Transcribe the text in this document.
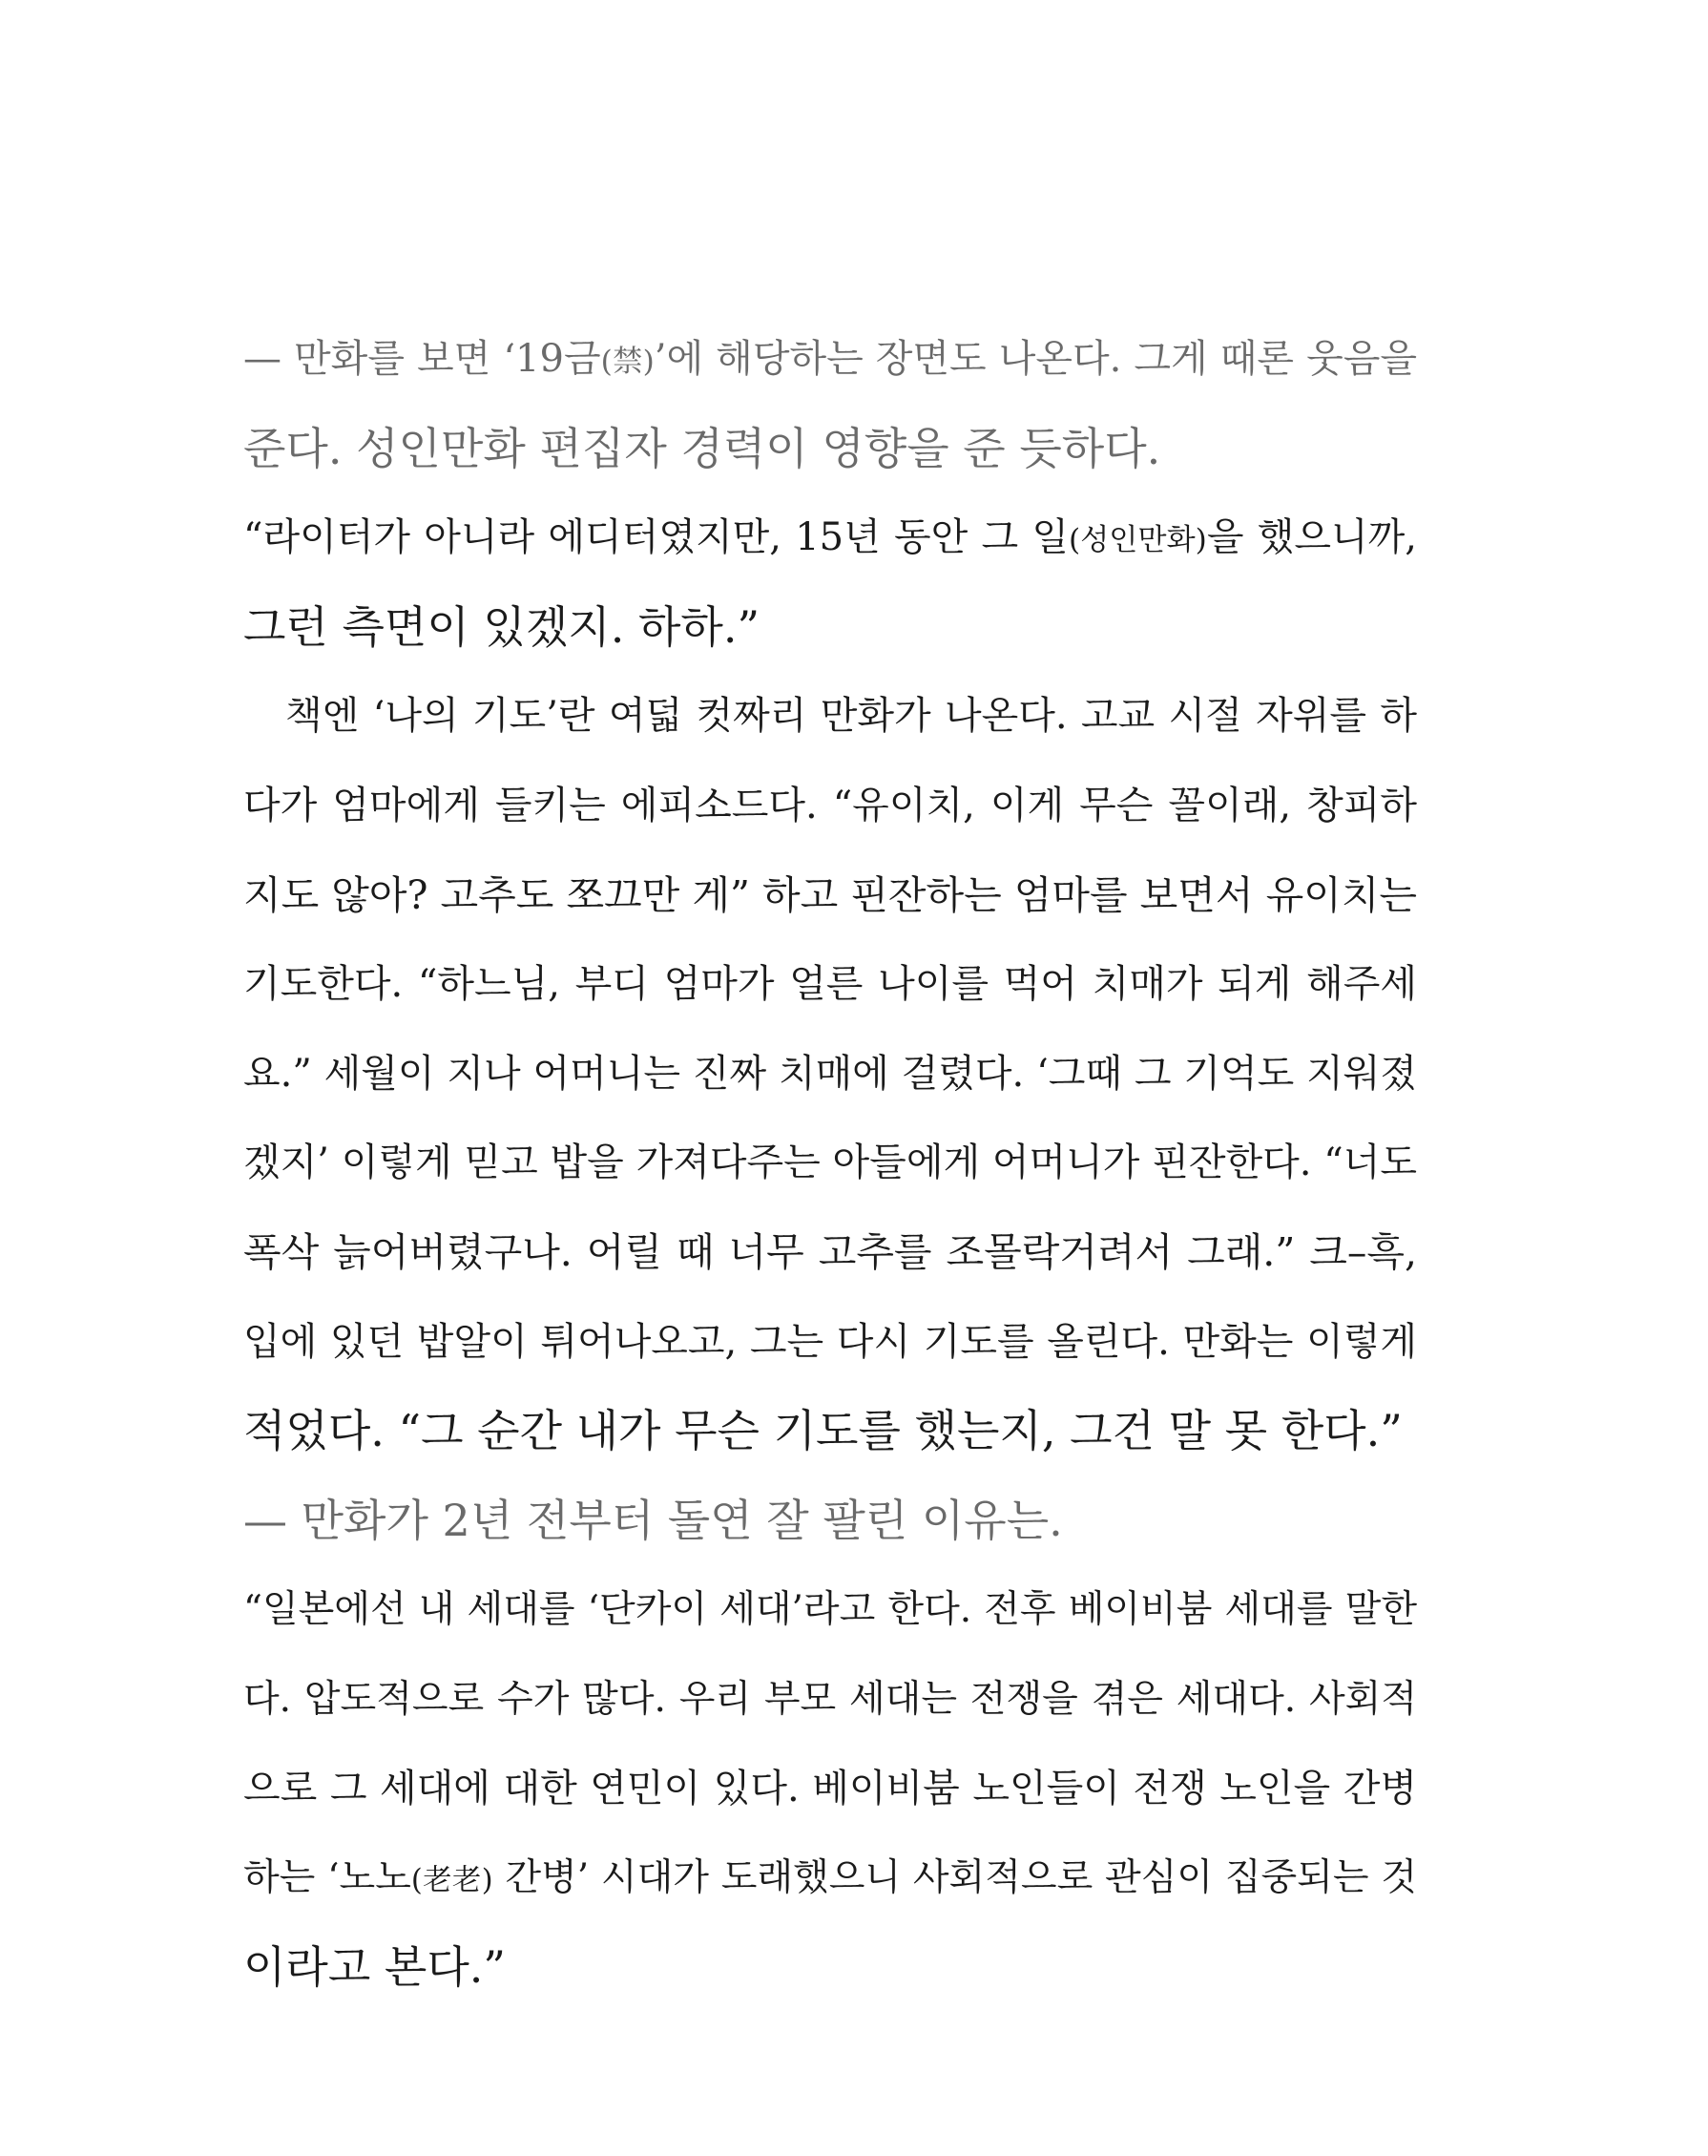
— 만화를 보면 ‘19금(禁)’에 해당하는 장면도 나온다. 그게 때론 웃음을
준다. 성인만화 편집자 경력이 영향을 준 듯하다.
“라이터가 아니라 에디터였지만, 15년 동안 그 일(성인만화)을 했으니까,
그런 측면이 있겠지. 하하.”
책엔 ‘나의 기도’란 여덟 컷짜리 만화가 나온다. 고교 시절 자위를 하
다가 엄마에게 들키는 에피소드다. “유이치, 이게 무슨 꼴이래, 창피하
지도 않아? 고추도 쪼끄만 게” 하고 핀잔하는 엄마를 보면서 유이치는
기도한다. “하느님, 부디 엄마가 얼른 나이를 먹어 치매가 되게 해주세
요.” 세월이 지나 어머니는 진짜 치매에 걸렸다. ‘그때 그 기억도 지워졌
겠지’ 이렇게 믿고 밥을 가져다주는 아들에게 어머니가 핀잔한다. “너도
폭삭 늙어버렸구나. 어릴 때 너무 고추를 조몰락거려서 그래.” 크–흑,
입에 있던 밥알이 튀어나오고, 그는 다시 기도를 올린다. 만화는 이렇게
적었다. “그 순간 내가 무슨 기도를 했는지, 그건 말 못 한다.”
— 만화가 2년 전부터 돌연 잘 팔린 이유는.
“일본에선 내 세대를 ‘단카이 세대’라고 한다. 전후 베이비붐 세대를 말한
다. 압도적으로 수가 많다. 우리 부모 세대는 전쟁을 겪은 세대다. 사회적
으로 그 세대에 대한 연민이 있다. 베이비붐 노인들이 전쟁 노인을 간병
하는 ‘노노(老老) 간병’ 시대가 도래했으니 사회적으로 관심이 집중되는 것
이라고 본다.”
